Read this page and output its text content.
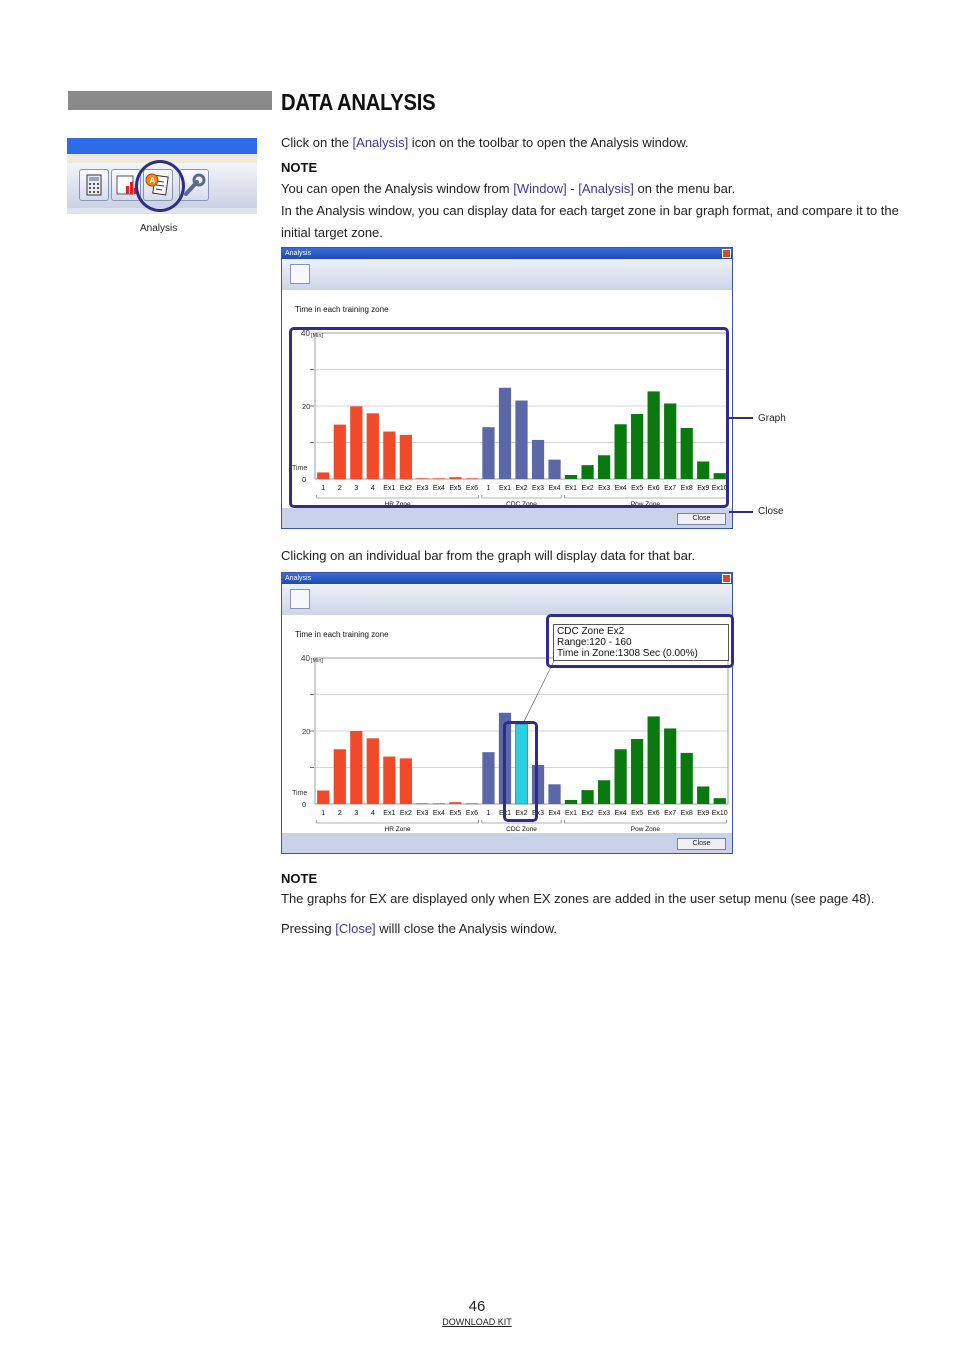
DATA ANALYSIS
A
Analysis
Click on the [Analysis] icon on the toolbar to open the Analysis window.
NOTE
You can open the Analysis window from [Window] - [Analysis] on the menu bar.
In the Analysis window, you can display data for each target zone in bar graph format, and compare it to the
initial target zone.
Analysis
Time in each training zone
0
20
40 [Min]
Time
1 2 3 4 Ex1 Ex2 Ex3 Ex4 Ex5 Ex6 1 Ex1 Ex2 Ex3 Ex4 Ex1 Ex2 Ex3 Ex4 Ex5 Ex6 Ex7 Ex8 Ex9 Ex10
HR Zone	CDC Zone	Pow Zone
Close
Graph
Close
Clicking on an individual bar from the graph will display data for that bar.
Analysis
Time in each training zone
0
20
40 [Min]
Time
1 2 3 4 Ex1 Ex2 Ex3 Ex4 Ex5 Ex6 1 Ex1 Ex2 Ex3 Ex4 Ex1 Ex2 Ex3 Ex4 Ex5 Ex6 Ex7 Ex8 Ex9 Ex10
HR Zone	CDC Zone	Pow Zone
CDC Zone Ex2
Range:120 - 160
Time in Zone:1308 Sec (0.00%)
Close
NOTE
The graphs for EX are displayed only when EX zones are added in the user setup menu (see page 48).
Pressing [Close] willl close the Analysis window.
46
DOWNLOAD KIT
